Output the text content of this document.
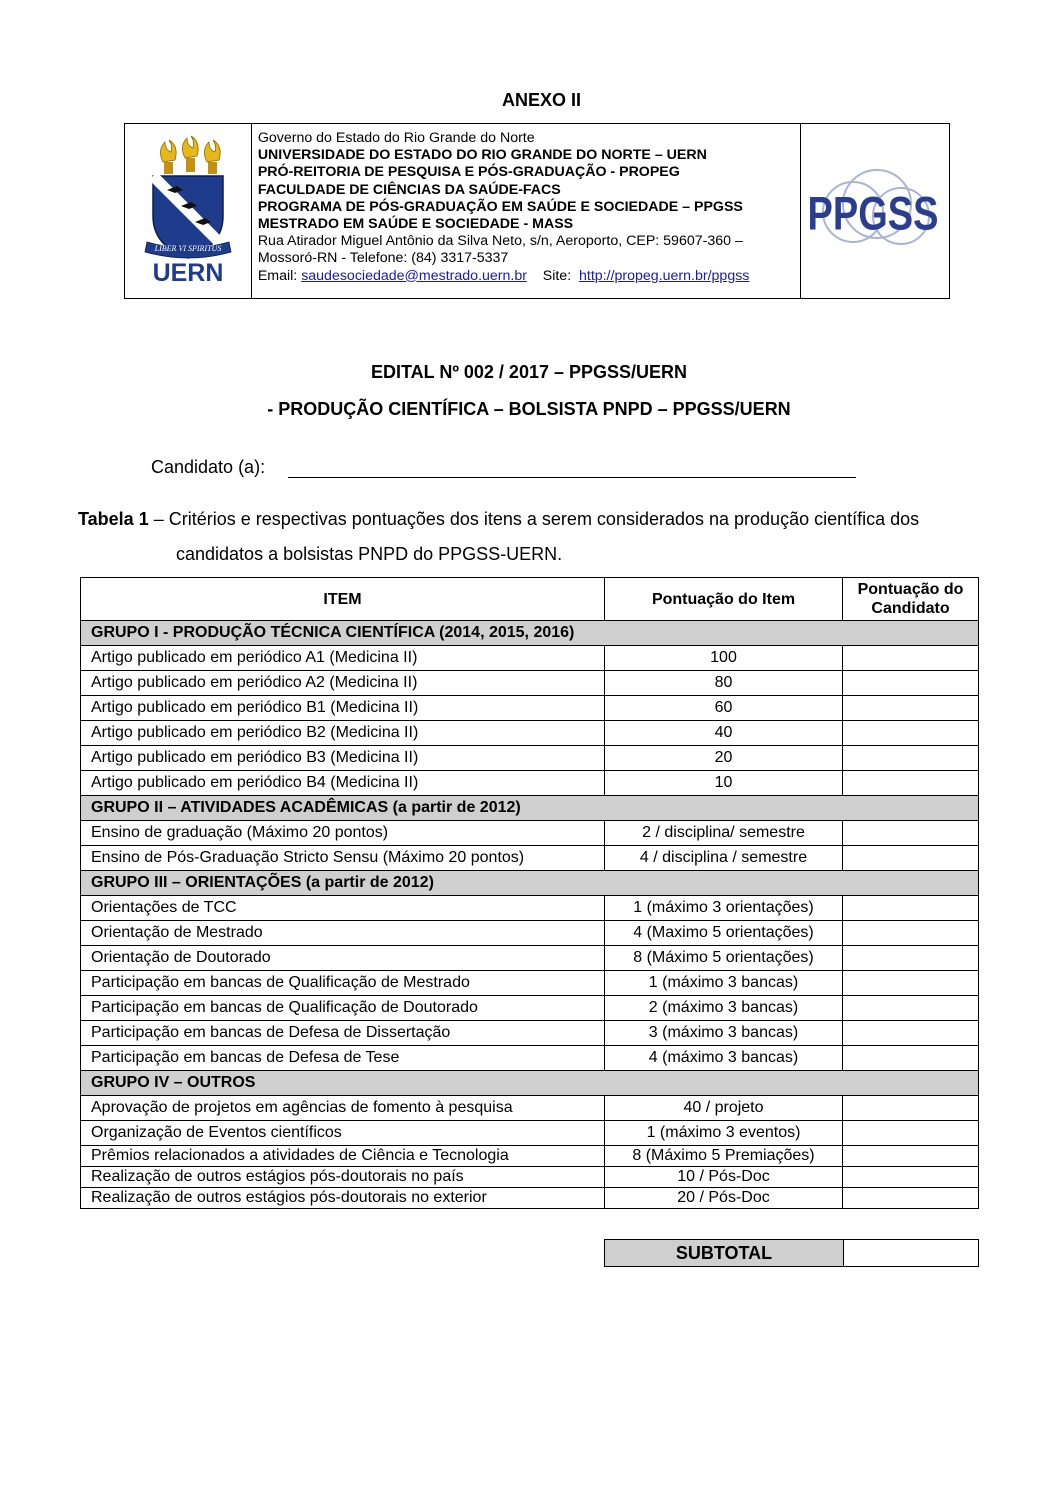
ANEXO II
LIBER VI SPIRITUS
UERN
Governo do Estado do Rio Grande do Norte
UNIVERSIDADE DO ESTADO DO RIO GRANDE DO NORTE – UERN
PRÓ-REITORIA DE PESQUISA E PÓS-GRADUAÇÃO - PROPEG
FACULDADE DE CIÊNCIAS DA SAÚDE-FACS
PROGRAMA DE PÓS-GRADUAÇÃO EM SAÚDE E SOCIEDADE – PPGSS
MESTRADO EM SAÚDE E SOCIEDADE - MASS
Rua Atirador Miguel Antônio da Silva Neto, s/n, Aeroporto, CEP: 59607-360 –
Mossoró-RN - Telefone: (84) 3317-5337
Email: saudesociedade@mestrado.uern.br Site: http://propeg.uern.br/ppgss
PPGSS
EDITAL Nº 002 / 2017 – PPGSS/UERN
- PRODUÇÃO CIENTÍFICA – BOLSISTA PNPD – PPGSS/UERN
Candidato (a):
Tabela 1 – Critérios e respectivas pontuações dos itens a serem considerados na produção científica dos
candidatos a bolsistas PNPD do PPGSS-UERN.
ITEM	Pontuação do Item	Pontuação do Candidato
GRUPO I - PRODUÇÃO TÉCNICA CIENTÍFICA (2014, 2015, 2016)		
Artigo publicado em periódico A1 (Medicina II)	100	
Artigo publicado em periódico A2 (Medicina II)	80	
Artigo publicado em periódico B1 (Medicina II)	60	
Artigo publicado em periódico B2 (Medicina II)	40	
Artigo publicado em periódico B3 (Medicina II)	20	
Artigo publicado em periódico B4 (Medicina II)	10	
GRUPO II – ATIVIDADES ACADÊMICAS (a partir de 2012)		
Ensino de graduação (Máximo 20 pontos)	2 / disciplina/ semestre	
Ensino de Pós-Graduação Stricto Sensu (Máximo 20 pontos)	4 / disciplina / semestre	
GRUPO III – ORIENTAÇÕES (a partir de 2012)		
Orientações de TCC	1 (máximo 3 orientações)	
Orientação de Mestrado	4 (Maximo 5 orientações)	
Orientação de Doutorado	8 (Máximo 5 orientações)	
Participação em bancas de Qualificação de Mestrado	1 (máximo 3 bancas)	
Participação em bancas de Qualificação de Doutorado	2 (máximo 3 bancas)	
Participação em bancas de Defesa de Dissertação	3 (máximo 3 bancas)	
Participação em bancas de Defesa de Tese	4 (máximo 3 bancas)	
GRUPO IV – OUTROS		
Aprovação de projetos em agências de fomento à pesquisa	40 / projeto	
Organização de Eventos científicos	1 (máximo 3 eventos)	
Prêmios relacionados a atividades de Ciência e Tecnologia	8 (Máximo 5 Premiações)	
Realização de outros estágios pós-doutorais no país	10 / Pós-Doc	
Realização de outros estágios pós-doutorais no exterior	20 / Pós-Doc	
SUBTOTAL	
